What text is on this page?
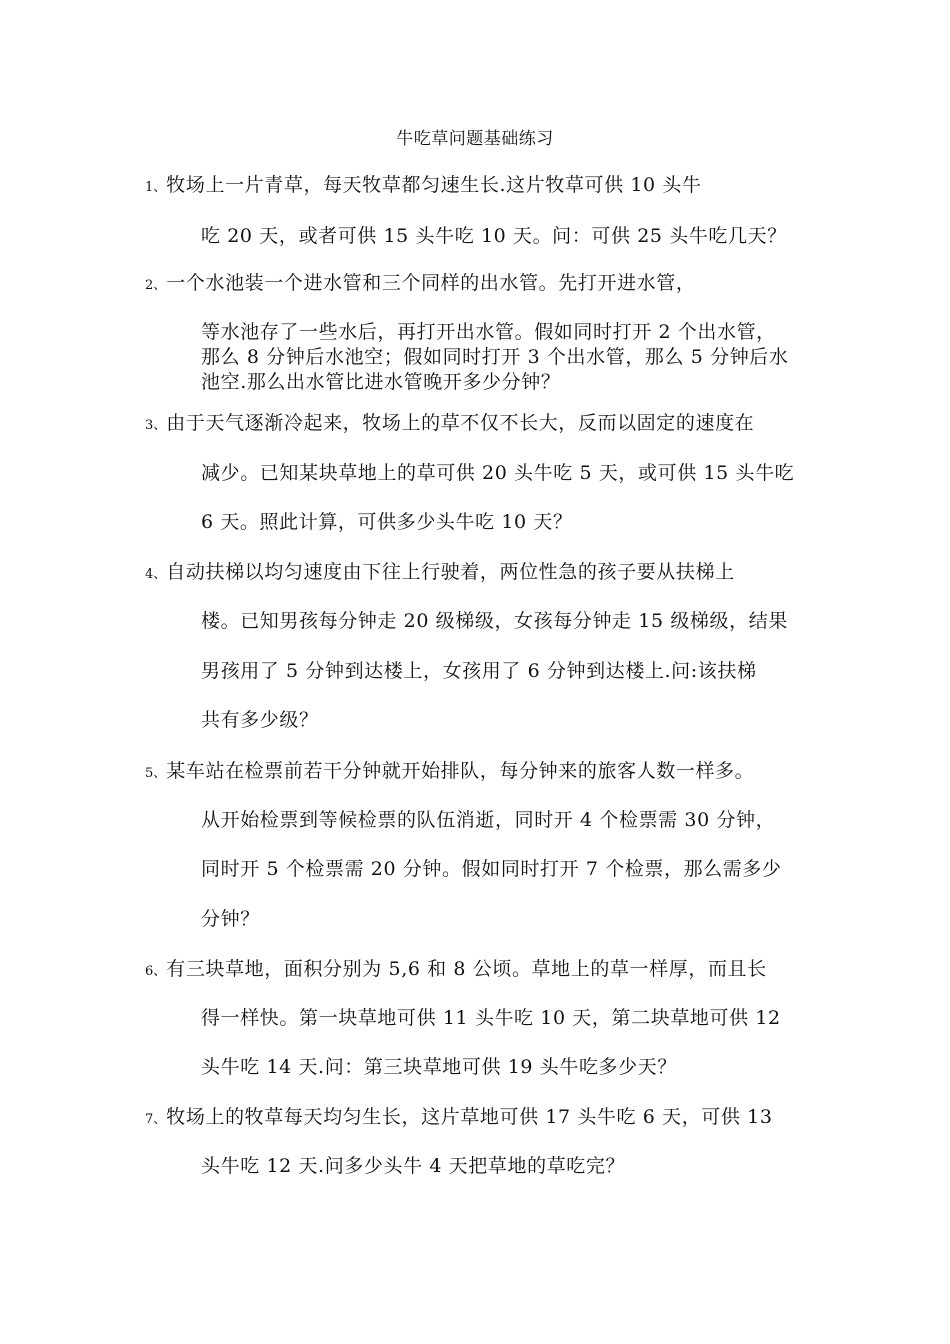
牛吃草问题基础练习
1、牧场上一片青草，每天牧草都匀速生长.这片牧草可供 10 头牛
吃 20 天，或者可供 15 头牛吃 10 天。问：可供 25 头牛吃几天？
2、一个水池装一个进水管和三个同样的出水管。先打开进水管，
等水池存了一些水后，再打开出水管。假如同时打开 2 个出水管，
那么 8 分钟后水池空；假如同时打开 3 个出水管，那么 5 分钟后水
池空.那么出水管比进水管晚开多少分钟？
3、由于天气逐渐冷起来，牧场上的草不仅不长大，反而以固定的速度在
减少。已知某块草地上的草可供 20 头牛吃 5 天，或可供 15 头牛吃
6 天。照此计算，可供多少头牛吃 10 天？
4、自动扶梯以均匀速度由下往上行驶着，两位性急的孩子要从扶梯上
楼。已知男孩每分钟走 20 级梯级，女孩每分钟走 15 级梯级，结果
男孩用了 5 分钟到达楼上，女孩用了 6 分钟到达楼上.问:该扶梯
共有多少级？
5、某车站在检票前若干分钟就开始排队，每分钟来的旅客人数一样多。
从开始检票到等候检票的队伍消逝，同时开 4 个检票需 30 分钟，
同时开 5 个检票需 20 分钟。假如同时打开 7 个检票，那么需多少
分钟？
6、有三块草地，面积分别为 5,6 和 8 公顷。草地上的草一样厚，而且长
得一样快。第一块草地可供 11 头牛吃 10 天，第二块草地可供 12
头牛吃 14 天.问：第三块草地可供 19 头牛吃多少天？
7、牧场上的牧草每天均匀生长，这片草地可供 17 头牛吃 6 天，可供 13
头牛吃 12 天.问多少头牛 4 天把草地的草吃完？
